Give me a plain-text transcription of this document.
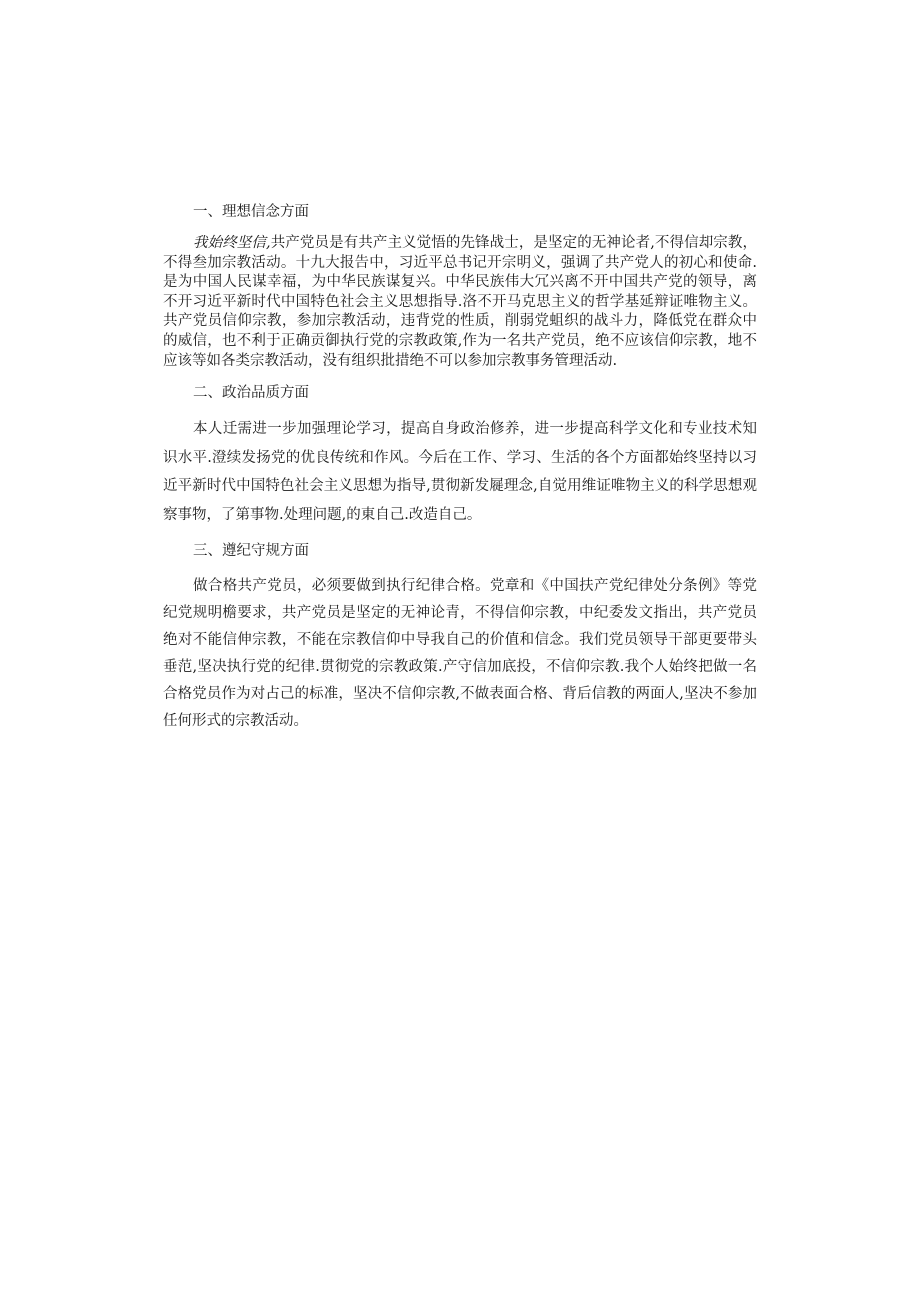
一、理想信念方面

我始终坚信,共产党员是有共产主义觉悟的先锋战士，是坚定的无神论者,不得信却宗教，不得叁加宗教活动。十九大报告中，习近平总书记开宗明义，强调了共产党人的初心和使命.是为中国人民谋幸福，为中华民族谋复兴。中华民族伟大冗兴离不开中国共产党的领导，离不开习近平新时代中国特色社会主义思想指导.洛不开马克思主义的哲学基延辩证唯物主义。共产党员信仰宗教，参加宗教活动，违背党的性质，削弱党蛆织的战斗力，降低党在群众中的威信，也不利于正确贡御执行党的宗教政策,作为一名共产党员，绝不应该信仰宗教，地不应该等如各类宗教活动，没有组织批措绝不可以参加宗教事务管理活动.

二、政治品质方面

本人迁需进一步加强理论学习，提高自身政治修养，进一步提高科学文化和专业技术知识水平.澄续发扬党的优良传统和作风。今后在工作、学习、生活的各个方面都始终坚持以习近平新时代中国特色社会主义思想为指导,贯彻新发屣理念,自觉用维证唯物主义的科学思想观察事物，了第事物.处理问题,的東自己.改造自己。

三、遵纪守规方面

做合格共产党员，必须要做到执行纪律合格。党章和《中国扶产党纪律处分条例》等党纪党规明檐要求，共产党员是坚定的无神论青，不得信仰宗教，中纪委发文指出，共产党员绝对不能信伸宗教，不能在宗教信仰中导我自己的价值和信念。我们党员领导干部更要带头垂范,坚决执行党的纪律.贯彻党的宗教政策.产守信加底投，不信仰宗教.我个人始终把做一名合格党员作为对占己的标准，坚决不信仰宗教,不做表面合格、背后信教的两面人,坚决不参加任何形式的宗教活动。
